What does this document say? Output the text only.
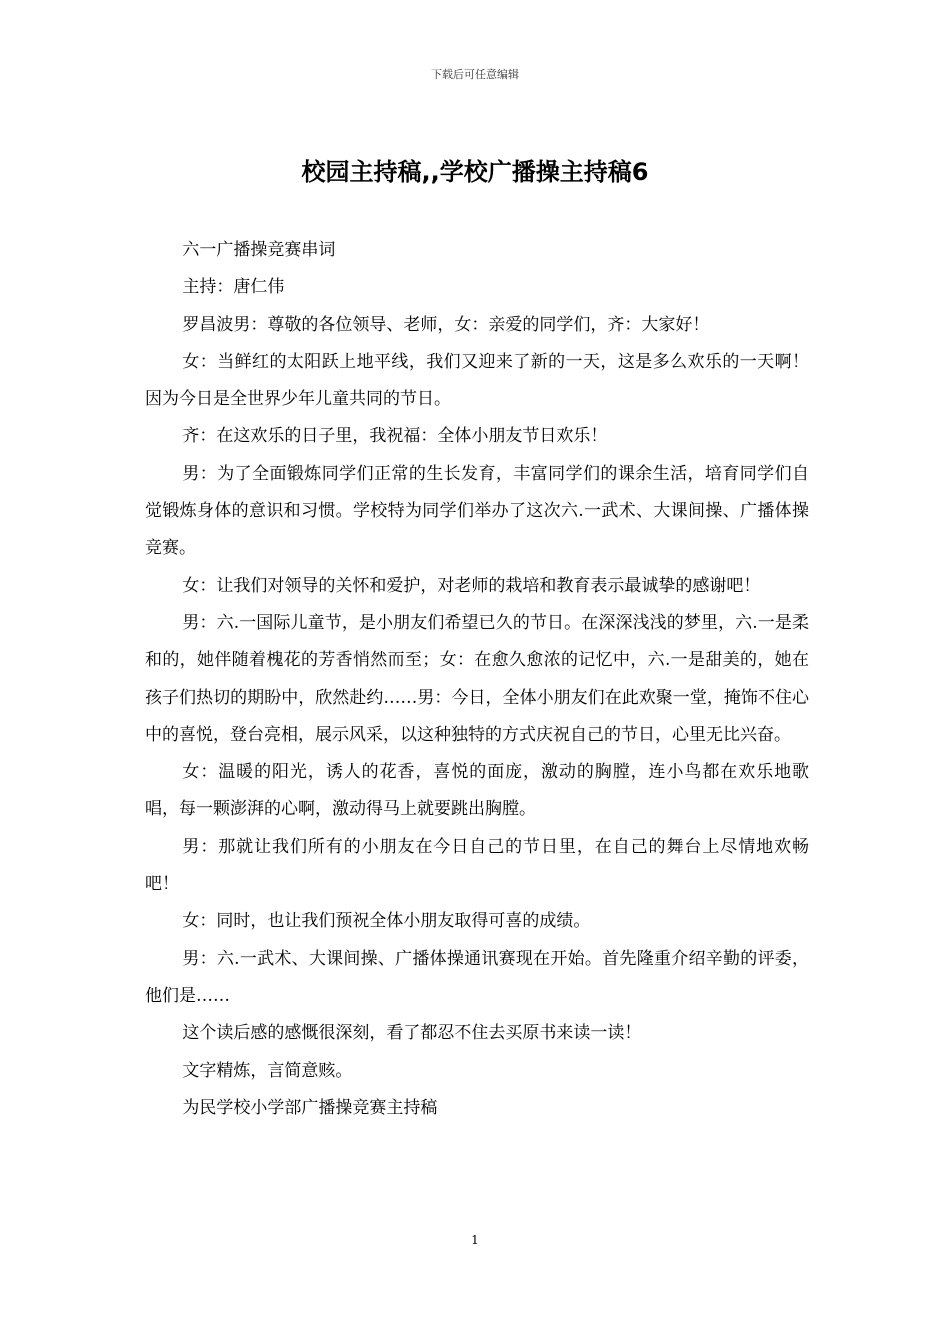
下载后可任意编辑
校园主持稿,,学校广播操主持稿6

六一广播操竞赛串词

主持：唐仁伟

罗昌波男：尊敬的各位领导、老师，女：亲爱的同学们，齐：大家好！

女：当鲜红的太阳跃上地平线，我们又迎来了新的一天，这是多么欢乐的一天啊！因为今日是全世界少年儿童共同的节日。

齐：在这欢乐的日子里，我祝福：全体小朋友节日欢乐！

男：为了全面锻炼同学们正常的生长发育，丰富同学们的课余生活，培育同学们自觉锻炼身体的意识和习惯。学校特为同学们举办了这次六.一武术、大课间操、广播体操竞赛。

女：让我们对领导的关怀和爱护，对老师的栽培和教育表示最诚挚的感谢吧！

男：六.一国际儿童节，是小朋友们希望已久的节日。在深深浅浅的梦里，六.一是柔和的，她伴随着槐花的芳香悄然而至；女：在愈久愈浓的记忆中，六.一是甜美的，她在孩子们热切的期盼中，欣然赴约……男：今日，全体小朋友们在此欢聚一堂，掩饰不住心中的喜悦，登台亮相，展示风采，以这种独特的方式庆祝自己的节日，心里无比兴奋。

女：温暖的阳光，诱人的花香，喜悦的面庞，激动的胸膛，连小鸟都在欢乐地歌唱，每一颗澎湃的心啊，激动得马上就要跳出胸膛。

男：那就让我们所有的小朋友在今日自己的节日里，在自己的舞台上尽情地欢畅吧！

女：同时，也让我们预祝全体小朋友取得可喜的成绩。

男：六.一武术、大课间操、广播体操通讯赛现在开始。首先隆重介绍辛勤的评委，他们是……

这个读后感的感慨很深刻，看了都忍不住去买原书来读一读！

文字精炼，言简意赅。

为民学校小学部广播操竞赛主持稿

1
